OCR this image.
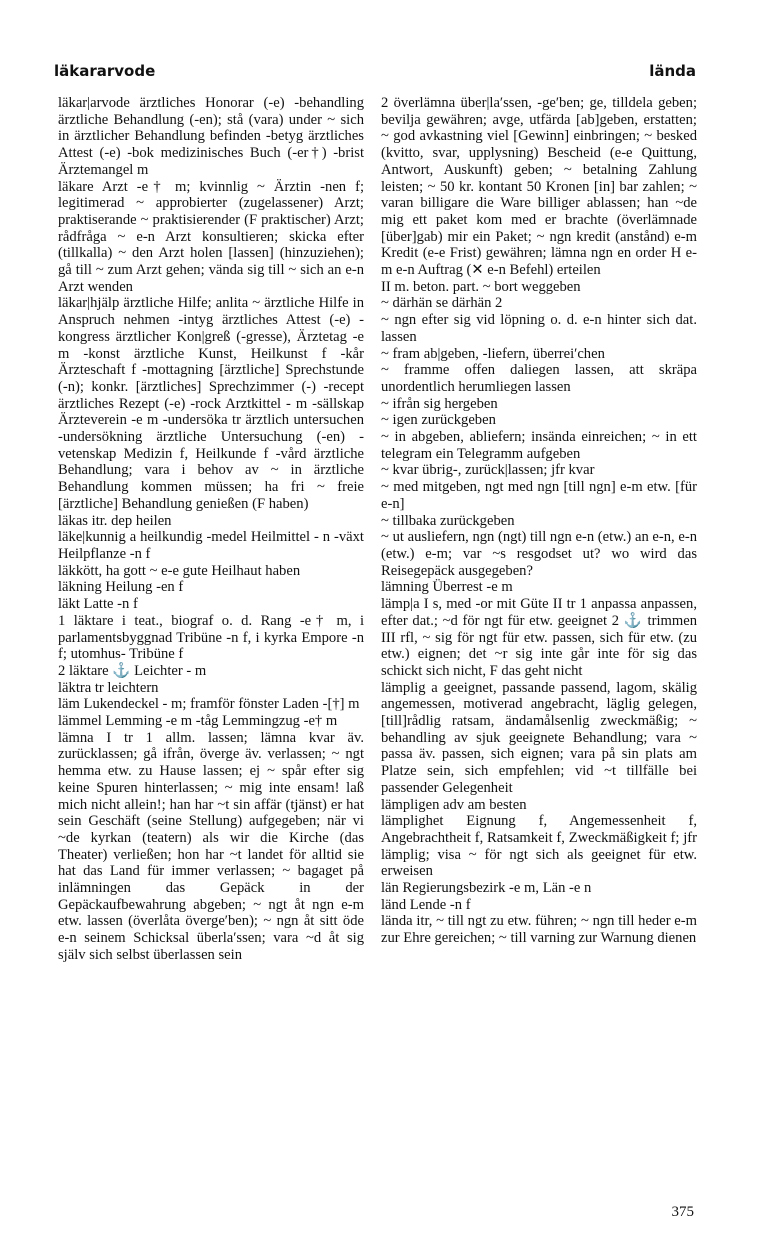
läkararvode	lända

läkar|arvode ärztliches Honorar (-e) -behandling ärztliche Behandlung (-en); stå (vara) under ~ sich in ärztlicher Behandlung befinden -betyg ärztliches Attest (-e) -bok medizinisches Buch (-er†) -brist Ärztemangel m

läkare Arzt -e† m; kvinnlig ~ Ärztin -nen f; legitimerad ~ approbierter (zugelassener) Arzt; praktiserande ~ praktisierender (F praktischer) Arzt; rådfråga ~ e-n Arzt konsultieren; skicka efter (tillkalla) ~ den Arzt holen [lassen] (hinzuziehen); gå till ~ zum Arzt gehen; vända sig till ~ sich an e-n Arzt wenden

läkar|hjälp ärztliche Hilfe; anlita ~ ärztliche Hilfe in Anspruch nehmen -intyg ärztliches Attest (-e) -kongress ärztlicher Kon|greß (-gresse), Ärztetag -e m -konst ärztliche Kunst, Heilkunst f -kår Ärzteschaft f -mottagning [ärztliche] Sprechstunde (-n); konkr. [ärztliches] Sprechzimmer (-) -recept ärztliches Rezept (-e) -rock Arztkittel - m -sällskap Ärzteverein -e m -undersöka tr ärztlich untersuchen -undersökning ärztliche Untersuchung (-en) -vetenskap Medizin f, Heilkunde f -vård ärztliche Behandlung; vara i behov av ~ in ärztliche Behandlung kommen müssen; ha fri ~ freie [ärztliche] Behandlung genießen (F haben)

läkas itr. dep heilen

läke|kunnig a heilkundig -medel Heilmittel - n -växt Heilpflanze -n f

läkkött, ha gott ~ e-e gute Heilhaut haben

läkning Heilung -en f

läkt Latte -n f

1 läktare i teat., biograf o. d. Rang -e† m, i parlamentsbyggnad Tribüne -n f, i kyrka Empore -n f; utomhus- Tribüne f

2 läktare ⚓ Leichter - m

läktra tr leichtern

läm Lukendeckel - m; framför fönster Laden -[†] m

lämmel Lemming -e m -tåg Lemmingzug -e† m

lämna I tr 1 allm. lassen; lämna kvar äv. zurücklassen; gå ifrån, överge äv. verlassen; ~ ngt hemma etw. zu Hause lassen; ej ~ spår efter sig keine Spuren hinterlassen; ~ mig inte ensam! laß mich nicht allein!; han har ~t sin affär (tjänst) er hat sein Geschäft (seine Stellung) aufgegeben; när vi ~de kyrkan (teatern) als wir die Kirche (das Theater) verließen; hon har ~t landet för alltid sie hat das Land für immer verlassen; ~ bagaget på inlämningen das Gepäck in der Gepäckaufbewahrung abgeben; ~ ngt åt ngn e-m etw. lassen (överlåta överge′ben); ~ ngn åt sitt öde e-n seinem Schicksal überla′ssen; vara ~d åt sig själv sich selbst überlassen sein

2 överlämna über|la′ssen, -ge′ben; ge, tilldela geben; bevilja gewähren; avge, utfärda [ab]geben, erstatten; ~ god avkastning viel [Gewinn] einbringen; ~ besked (kvitto, svar, upplysning) Bescheid (e-e Quittung, Antwort, Auskunft) geben; ~ betalning Zahlung leisten; ~ 50 kr. kontant 50 Kronen [in] bar zahlen; ~ varan billigare die Ware billiger ablassen; han ~de mig ett paket kom med er brachte (överlämnade [über]gab) mir ein Paket; ~ ngn kredit (anstånd) e-m Kredit (e-e Frist) gewähren; lämna ngn en order H e-m e-n Auftrag (✕ e-n Befehl) erteilen

II m. beton. part. ~ bort weggeben

~ därhän se därhän 2

~ ngn efter sig vid löpning o. d. e-n hinter sich dat. lassen

~ fram ab|geben, -liefern, überrei′chen

~ framme offen daliegen lassen, att skräpa unordentlich herumliegen lassen

~ ifrån sig hergeben

~ igen zurückgeben

~ in abgeben, abliefern; insända einreichen; ~ in ett telegram ein Telegramm aufgeben

~ kvar übrig-, zurück|lassen; jfr kvar

~ med mitgeben, ngt med ngn [till ngn] e-m etw. [für e-n]

~ tillbaka zurückgeben

~ ut ausliefern, ngn (ngt) till ngn e-n (etw.) an e-n, e-n (etw.) e-m; var ~s resgodset ut? wo wird das Reisegepäck ausgegeben?

lämning Überrest -e m

lämp|a I s, med -or mit Güte II tr 1 anpassa anpassen, efter dat.; ~d för ngt für etw. geeignet 2 ⚓ trimmen III rfl, ~ sig för ngt für etw. passen, sich für etw. (zu etw.) eignen; det ~r sig inte går inte för sig das schickt sich nicht, F das geht nicht

lämplig a geeignet, passande passend, lagom, skälig angemessen, motiverad angebracht, läglig gelegen, [till]rådlig ratsam, ändamålsenlig zweckmäßig; ~ behandling av sjuk geeignete Behandlung; vara ~ passa äv. passen, sich eignen; vara på sin plats am Platze sein, sich empfehlen; vid ~t tillfälle bei passender Gelegenheit

lämpligen adv am besten

lämplighet Eignung f, Angemessenheit f, Angebrachtheit f, Ratsamkeit f, Zweckmäßigkeit f; jfr lämplig; visa ~ för ngt sich als geeignet für etw. erweisen

län Regierungsbezirk -e m, Län -e n

länd Lende -n f

lända itr, ~ till ngt zu etw. führen; ~ ngn till heder e-m zur Ehre gereichen; ~ till varning zur Warnung dienen

375
